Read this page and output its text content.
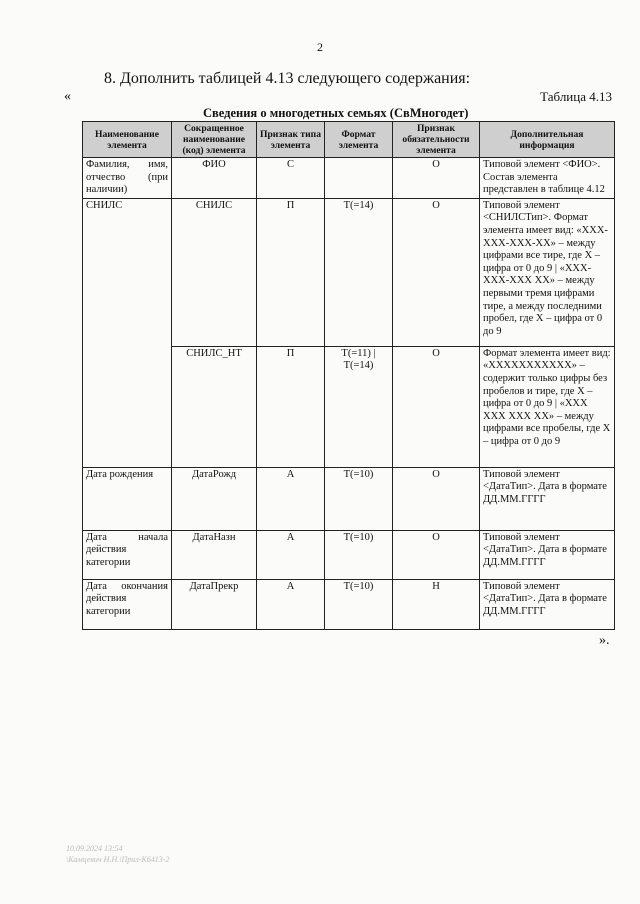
2
8. Дополнить таблицей 4.13 следующего содержания:
«	Таблица 4.13
Сведения о многодетных семьях (СвМногодет)
Наименование элемента	Сокращенное наименование (код) элемента	Признак типа элемента	Формат элемента	Признак обязательности элемента	Дополнительная информация
Фамилия, имя, отчество (при наличии)	ФИО	С		О	Типовой элемент <ФИО>. Состав элемента представлен в таблице 4.12
СНИЛС	СНИЛС	П	T(=14)	О	Типовой элемент <СНИЛСТип>. Формат элемента имеет вид: «XXX-XXX-XXX-XX» – между цифрами все тире, где X – цифра от 0 до 9 | «XXX-XXX-XXX XX» – между первыми тремя цифрами тире, а между последними пробел, где X – цифра от 0 до 9
	СНИЛС_НТ	П	T(=11) | T(=14)	О	Формат элемента имеет вид: «XXXXXXXXXXX» – содержит только цифры без пробелов и тире, где X – цифра от 0 до 9 | «XXX XXX XXX XX» – между цифрами все пробелы, где X – цифра от 0 до 9
Дата рождения	ДатаРожд	А	T(=10)	О	Типовой элемент <ДатаТип>. Дата в формате ДД.ММ.ГГГГ
Дата начала действия категории	ДатаНазн	А	T(=10)	О	Типовой элемент <ДатаТип>. Дата в формате ДД.ММ.ГГГГ
Дата окончания действия категории	ДатаПрекр	А	T(=10)	Н	Типовой элемент <ДатаТип>. Дата в формате ДД.ММ.ГГГГ
».
10.09.2024 13:54
\Камцевич Н.Н.\Прил-К6413-2
